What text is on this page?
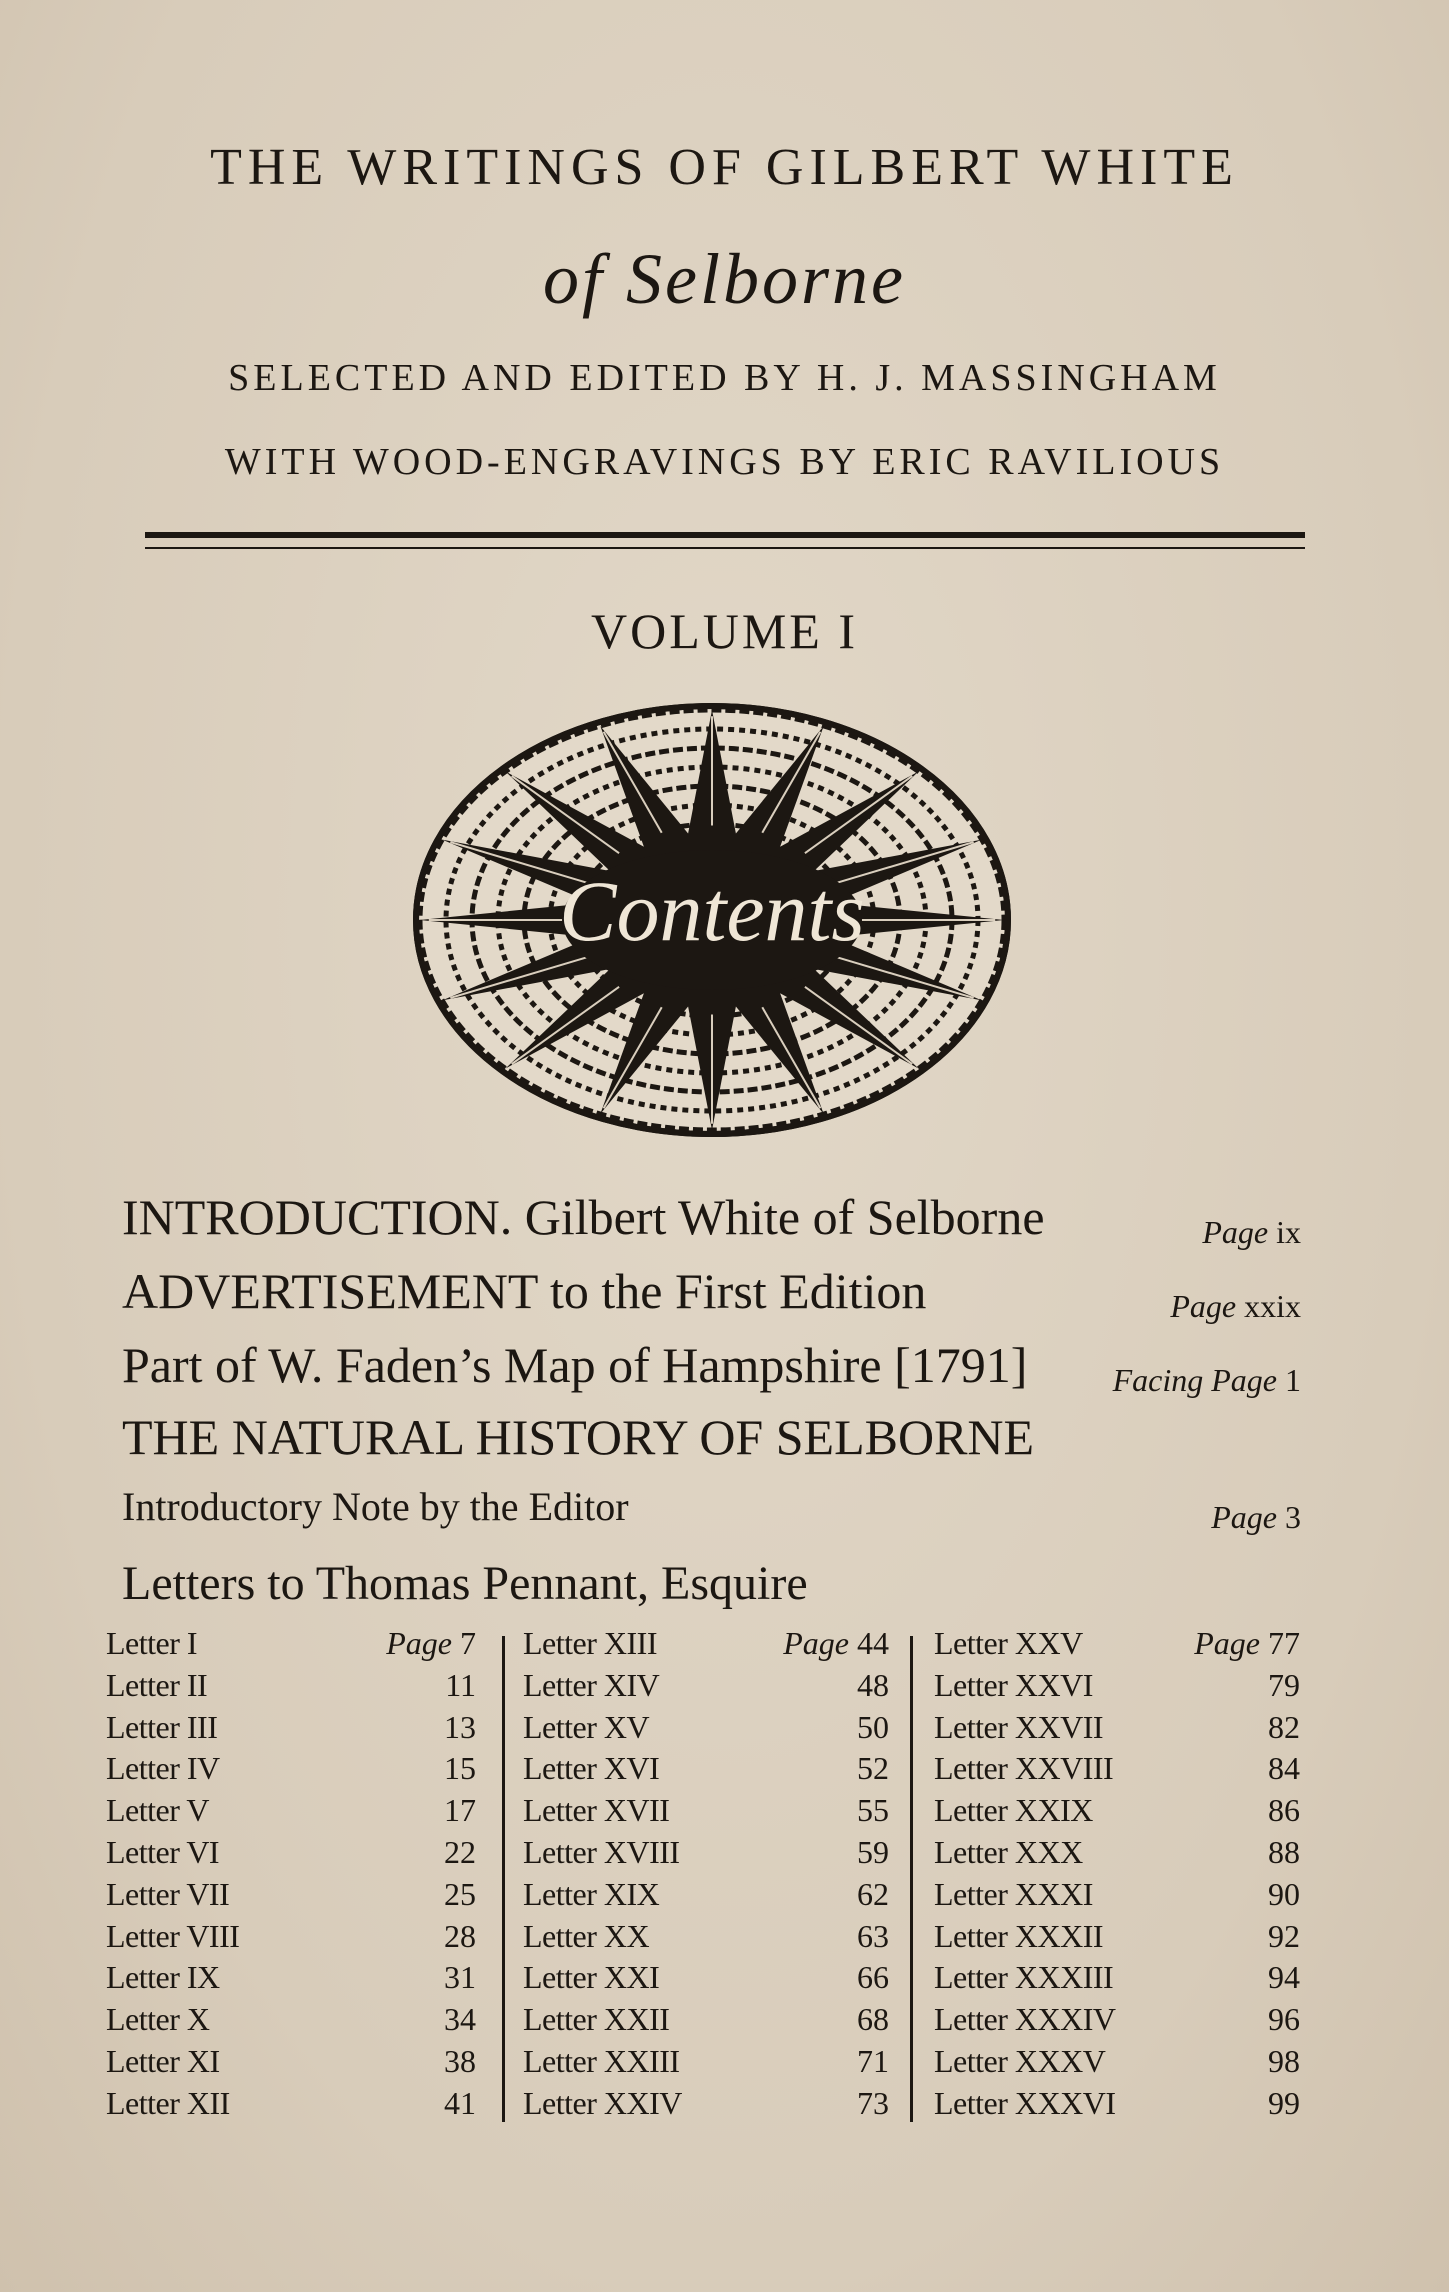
THE WRITINGS OF GILBERT WHITE
of Selborne
SELECTED AND EDITED BY H. J. MASSINGHAM
WITH WOOD-ENGRAVINGS BY ERIC RAVILIOUS
VOLUME I
Contents
INTRODUCTION. Gilbert White of Selborne	Page ix
ADVERTISEMENT to the First Edition	Page xxix
Part of W. Faden’s Map of Hampshire [1791]	Facing Page 1
THE NATURAL HISTORY OF SELBORNE
Introductory Note by the Editor	Page 3
Letters to Thomas Pennant, Esquire
Letter I	Page 7
Letter II	11
Letter III	13
Letter IV	15
Letter V	17
Letter VI	22
Letter VII	25
Letter VIII	28
Letter IX	31
Letter X	34
Letter XI	38
Letter XII	41
Letter XIII	Page 44
Letter XIV	48
Letter XV	50
Letter XVI	52
Letter XVII	55
Letter XVIII	59
Letter XIX	62
Letter XX	63
Letter XXI	66
Letter XXII	68
Letter XXIII	71
Letter XXIV	73
Letter XXV	Page 77
Letter XXVI	79
Letter XXVII	82
Letter XXVIII	84
Letter XXIX	86
Letter XXX	88
Letter XXXI	90
Letter XXXII	92
Letter XXXIII	94
Letter XXXIV	96
Letter XXXV	98
Letter XXXVI	99
